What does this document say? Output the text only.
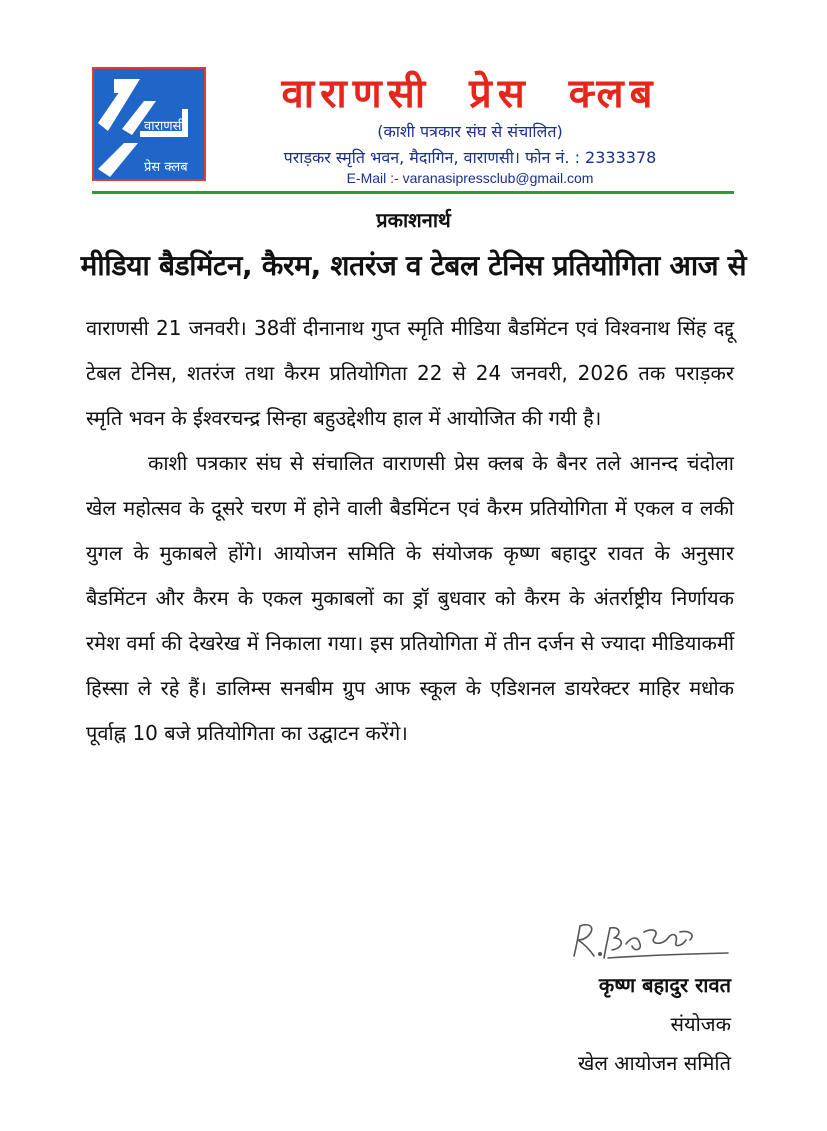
वाराणसी
प्रेस क्लब
वाराणसी प्रेस क्लब
(काशी पत्रकार संघ से संचालित)
पराड़कर स्मृति भवन, मैदागिन, वाराणसी। फोन नं. : 2333378
E-Mail :- varanasipressclub@gmail.com
प्रकाशनार्थ
मीडिया बैडमिंटन, कैरम, शतरंज व टेबल टेनिस प्रतियोगिता आज से

वाराणसी 21 जनवरी। 38वीं दीनानाथ गुप्त स्मृति मीडिया बैडमिंटन एवं विश्वनाथ सिंह दद्दू टेबल टेनिस, शतरंज तथा कैरम प्रतियोगिता 22 से 24 जनवरी, 2026 तक पराड़कर स्मृति भवन के ईश्वरचन्द्र सिन्हा बहुउद्देशीय हाल में आयोजित की गयी है।

काशी पत्रकार संघ से संचालित वाराणसी प्रेस क्लब के बैनर तले आनन्द चंदोला खेल महोत्सव के दूसरे चरण में होने वाली बैडमिंटन एवं कैरम प्रतियोगिता में एकल व लकी युगल के मुकाबले होंगे। आयोजन समिति के संयोजक कृष्ण बहादुर रावत के अनुसार बैडमिंटन और कैरम के एकल मुकाबलों का ड्रॉ बुधवार को कैरम के अंतर्राष्ट्रीय निर्णायक रमेश वर्मा की देखरेख में निकाला गया। इस प्रतियोगिता में तीन दर्जन से ज्यादा मीडियाकर्मी हिस्सा ले रहे हैं। डालिम्स सनबीम ग्रुप आफ स्कूल के एडिशनल डायरेक्टर माहिर मधोक पूर्वाह्न 10 बजे प्रतियोगिता का उद्घाटन करेंगे।

कृष्ण बहादुर रावत
संयोजक
खेल आयोजन समिति
